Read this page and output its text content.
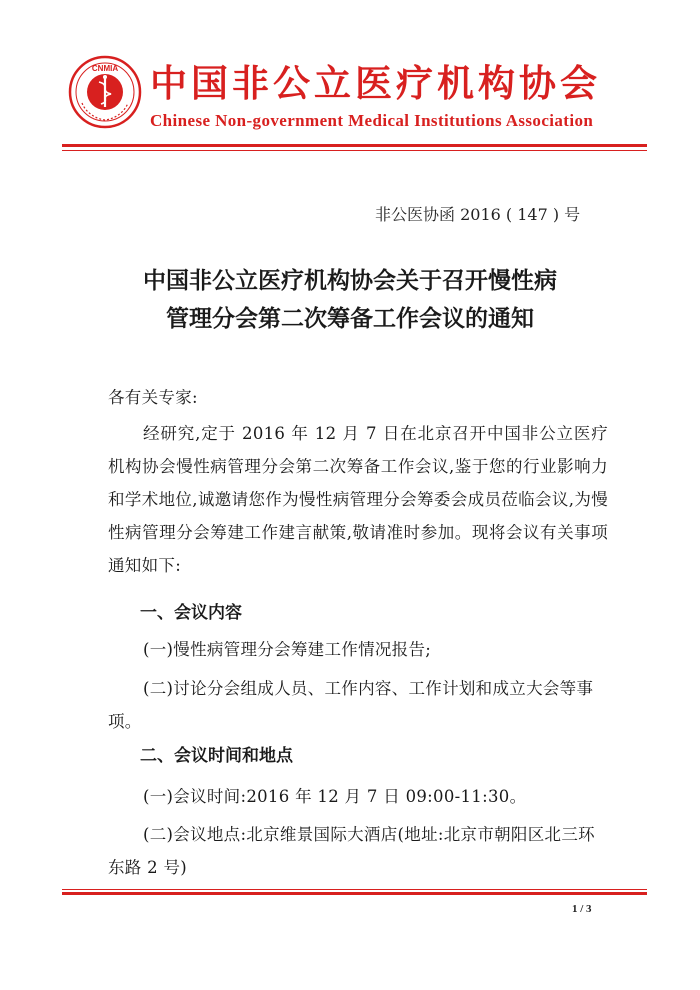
CNMIA 中国非公立医疗机构协会
Chinese Non-government Medical Institutions Association
非公医协函 2016 ( 147 ) 号
中国非公立医疗机构协会关于召开慢性病
管理分会第二次筹备工作会议的通知
各有关专家:
经研究,定于 2016 年 12 月 7 日在北京召开中国非公立医疗机构协会慢性病管理分会第二次筹备工作会议,鉴于您的行业影响力和学术地位,诚邀请您作为慢性病管理分会筹委会成员莅临会议,为慢性病管理分会筹建工作建言献策,敬请准时参加。现将会议有关事项通知如下:
一、会议内容
(一)慢性病管理分会筹建工作情况报告;
(二)讨论分会组成人员、工作内容、工作计划和成立大会等事项。
二、会议时间和地点
(一)会议时间:2016 年 12 月 7 日 09:00-11:30。
(二)会议地点:北京维景国际大酒店(地址:北京市朝阳区北三环东路 2 号)
1 / 3
